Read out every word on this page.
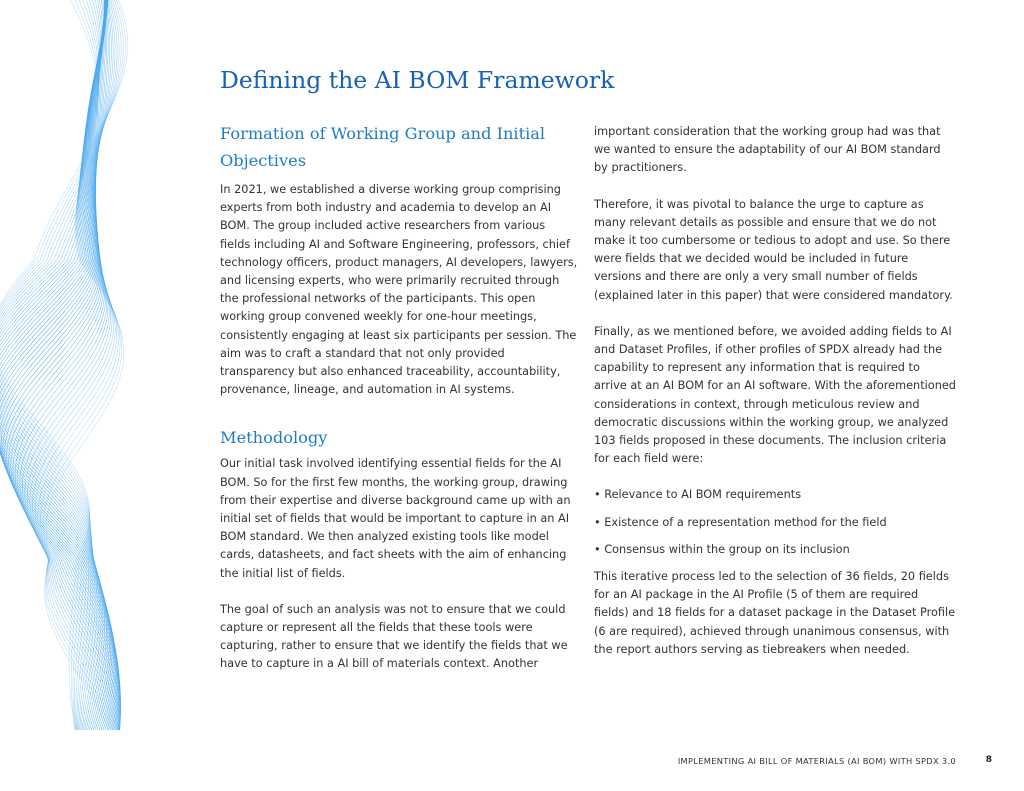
Defining the AI BOM Framework
Formation of Working Group and Initial Objectives

In 2021, we established a diverse working group comprising experts from both industry and academia to develop an AI BOM. The group included active researchers from various fields including AI and Software Engineering, professors, chief technology officers, product managers, AI developers, lawyers, and licensing experts, who were primarily recruited through the professional networks of the participants. This open working group convened weekly for one-hour meetings, consistently engaging at least six participants per session. The aim was to craft a standard that not only provided transparency but also enhanced traceability, accountability, provenance, lineage, and automation in AI systems.

Methodology

Our initial task involved identifying essential fields for the AI BOM. So for the first few months, the working group, drawing from their expertise and diverse background came up with an initial set of fields that would be important to capture in an AI BOM standard. We then analyzed existing tools like model cards, datasheets, and fact sheets with the aim of enhancing the initial list of fields.

The goal of such an analysis was not to ensure that we could capture or represent all the fields that these tools were capturing, rather to ensure that we identify the fields that we have to capture in a AI bill of materials context. Another

important consideration that the working group had was that we wanted to ensure the adaptability of our AI BOM standard by practitioners.

Therefore, it was pivotal to balance the urge to capture as many relevant details as possible and ensure that we do not make it too cumbersome or tedious to adopt and use. So there were fields that we decided would be included in future versions and there are only a very small number of fields (explained later in this paper) that were considered mandatory.

Finally, as we mentioned before, we avoided adding fields to AI and Dataset Profiles, if other profiles of SPDX already had the capability to represent any information that is required to arrive at an AI BOM for an AI software. With the aforementioned considerations in context, through meticulous review and democratic discussions within the working group, we analyzed 103 fields proposed in these documents. The inclusion criteria for each field were:

• Relevance to AI BOM requirements

• Existence of a representation method for the field

• Consensus within the group on its inclusion

This iterative process led to the selection of 36 fields, 20 fields for an AI package in the AI Profile (5 of them are required fields) and 18 fields for a dataset package in the Dataset Profile (6 are required), achieved through unanimous consensus, with the report authors serving as tiebreakers when needed.

IMPLEMENTING AI BILL OF MATERIALS (AI BOM) WITH SPDX 3.0	8
